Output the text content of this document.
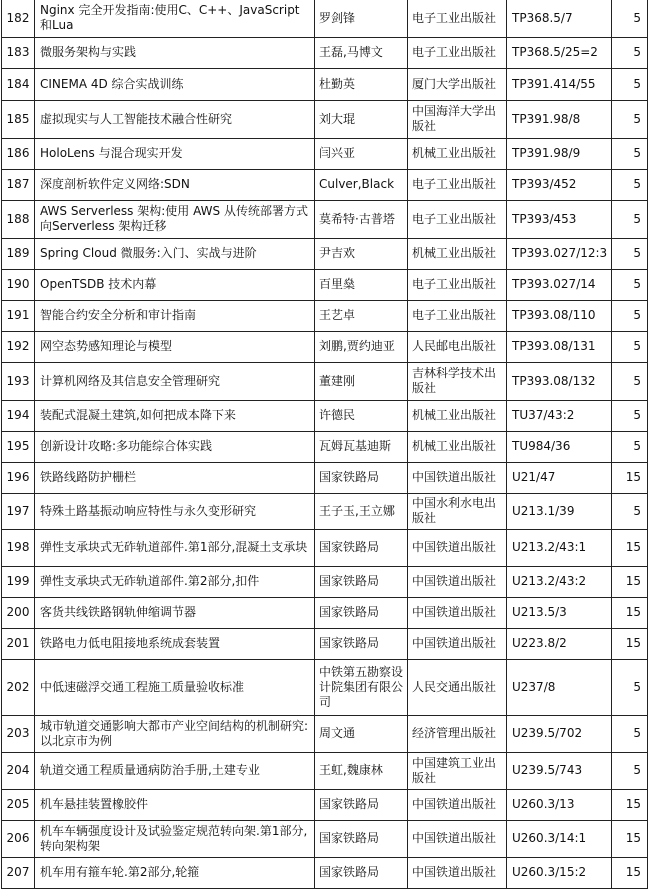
182	Nginx 完全开发指南:使用C、C++、JavaScript 和Lua	罗剑锋	电子工业出版社	TP368.5/7	5
183	微服务架构与实践	王磊,马博文	电子工业出版社	TP368.5/25=2	5
184	CINEMA 4D 综合实战训练	杜勤英	厦门大学出版社	TP391.414/55	5
185	虚拟现实与人工智能技术融合性研究	刘大琨	中国海洋大学出版社	TP391.98/8	5
186	HoloLens 与混合现实开发	闫兴亚	机械工业出版社	TP391.98/9	5
187	深度剖析软件定义网络:SDN	Culver,Black	电子工业出版社	TP393/452	5
188	AWS Serverless 架构:使用 AWS 从传统部署方式向Serverless 架构迁移	莫希特·古普塔	电子工业出版社	TP393/453	5
189	Spring Cloud 微服务:入门、实战与进阶	尹吉欢	机械工业出版社	TP393.027/12:3	5
190	OpenTSDB 技术内幕	百里燊	电子工业出版社	TP393.027/14	5
191	智能合约安全分析和审计指南	王艺卓	电子工业出版社	TP393.08/110	5
192	网空态势感知理论与模型	刘鹏,贾约迪亚	人民邮电出版社	TP393.08/131	5
193	计算机网络及其信息安全管理研究	董建刚	吉林科学技术出版社	TP393.08/132	5
194	装配式混凝土建筑,如何把成本降下来	许德民	机械工业出版社	TU37/43:2	5
195	创新设计攻略:多功能综合体实践	瓦姆瓦基迪斯	机械工业出版社	TU984/36	5
196	铁路线路防护栅栏	国家铁路局	中国铁道出版社	U21/47	15
197	特殊土路基振动响应特性与永久变形研究	王子玉,王立娜	中国水利水电出版社	U213.1/39	5
198	弹性支承块式无砟轨道部件.第1部分,混凝土支承块	国家铁路局	中国铁道出版社	U213.2/43:1	15
199	弹性支承块式无砟轨道部件.第2部分,扣件	国家铁路局	中国铁道出版社	U213.2/43:2	15
200	客货共线铁路钢轨伸缩调节器	国家铁路局	中国铁道出版社	U213.5/3	15
201	铁路电力低电阻接地系统成套装置	国家铁路局	中国铁道出版社	U223.8/2	15
202	中低速磁浮交通工程施工质量验收标准	中铁第五勘察设计院集团有限公司	人民交通出版社	U237/8	5
203	城市轨道交通影响大都市产业空间结构的机制研究:以北京市为例	周文通	经济管理出版社	U239.5/702	5
204	轨道交通工程质量通病防治手册,土建专业	王虹,魏康林	中国建筑工业出版社	U239.5/743	5
205	机车悬挂装置橡胶件	国家铁路局	中国铁道出版社	U260.3/13	15
206	机车车辆强度设计及试验鉴定规范转向架.第1部分,转向架构架	国家铁路局	中国铁道出版社	U260.3/14:1	15
207	机车用有箍车轮.第2部分,轮箍	国家铁路局	中国铁道出版社	U260.3/15:2	15
